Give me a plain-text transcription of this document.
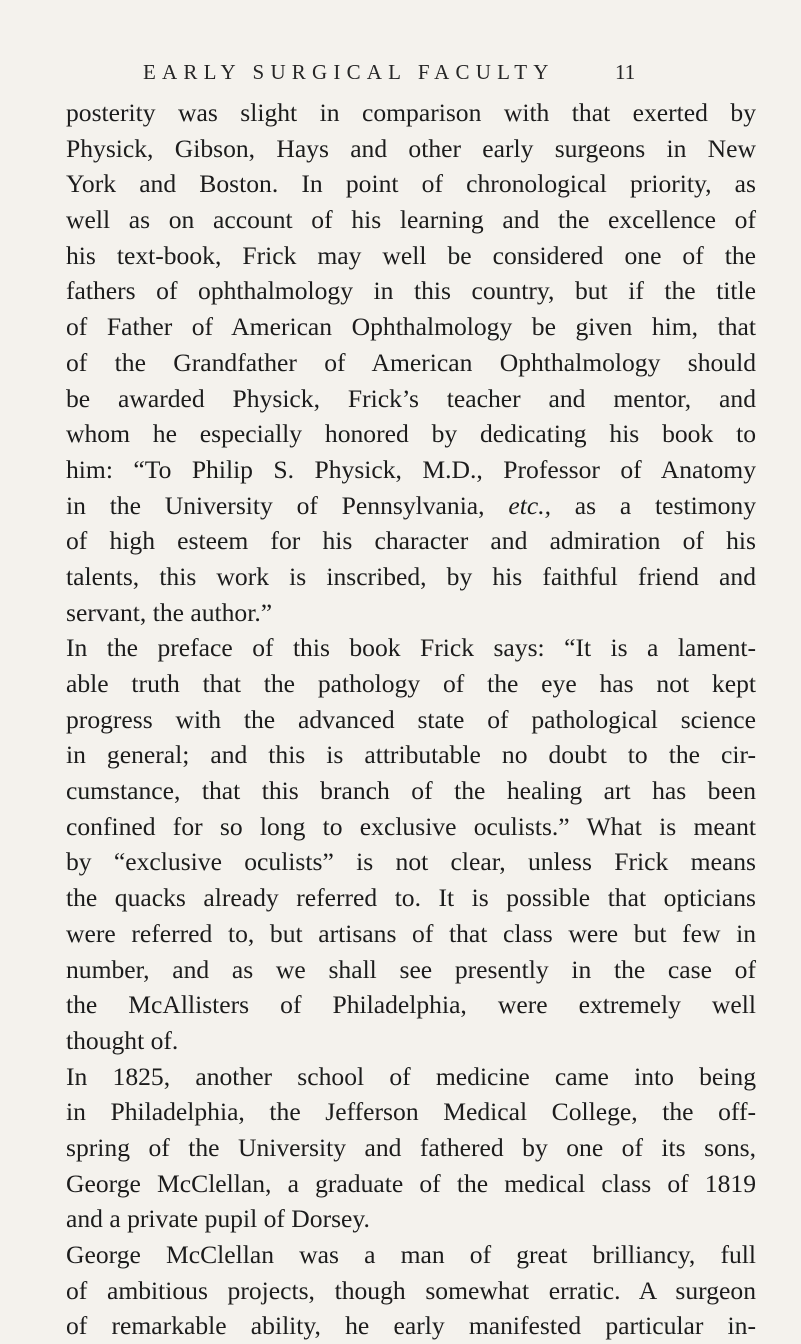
EARLY SURGICAL FACULTY	11
posterity was slight in comparison with that exerted by
Physick, Gibson, Hays and other early surgeons in New
York and Boston. In point of chronological priority, as
well as on account of his learning and the excellence of
his text-book, Frick may well be considered one of the
fathers of ophthalmology in this country, but if the title
of Father of American Ophthalmology be given him, that
of the Grandfather of American Ophthalmology should
be awarded Physick, Frick’s teacher and mentor, and
whom he especially honored by dedicating his book to
him: “To Philip S. Physick, M.D., Professor of Anatomy
in the University of Pennsylvania, etc., as a testimony
of high esteem for his character and admiration of his
talents, this work is inscribed, by his faithful friend and
servant, the author.”
In the preface of this book Frick says: “It is a lament-
able truth that the pathology of the eye has not kept
progress with the advanced state of pathological science
in general; and this is attributable no doubt to the cir-
cumstance, that this branch of the healing art has been
confined for so long to exclusive oculists.” What is meant
by “exclusive oculists” is not clear, unless Frick means
the quacks already referred to. It is possible that opticians
were referred to, but artisans of that class were but few in
number, and as we shall see presently in the case of
the McAllisters of Philadelphia, were extremely well
thought of.
In 1825, another school of medicine came into being
in Philadelphia, the Jefferson Medical College, the off-
spring of the University and fathered by one of its sons,
George McClellan, a graduate of the medical class of 1819
and a private pupil of Dorsey.
George McClellan was a man of great brilliancy, full
of ambitious projects, though somewhat erratic. A surgeon
of remarkable ability, he early manifested particular in-
